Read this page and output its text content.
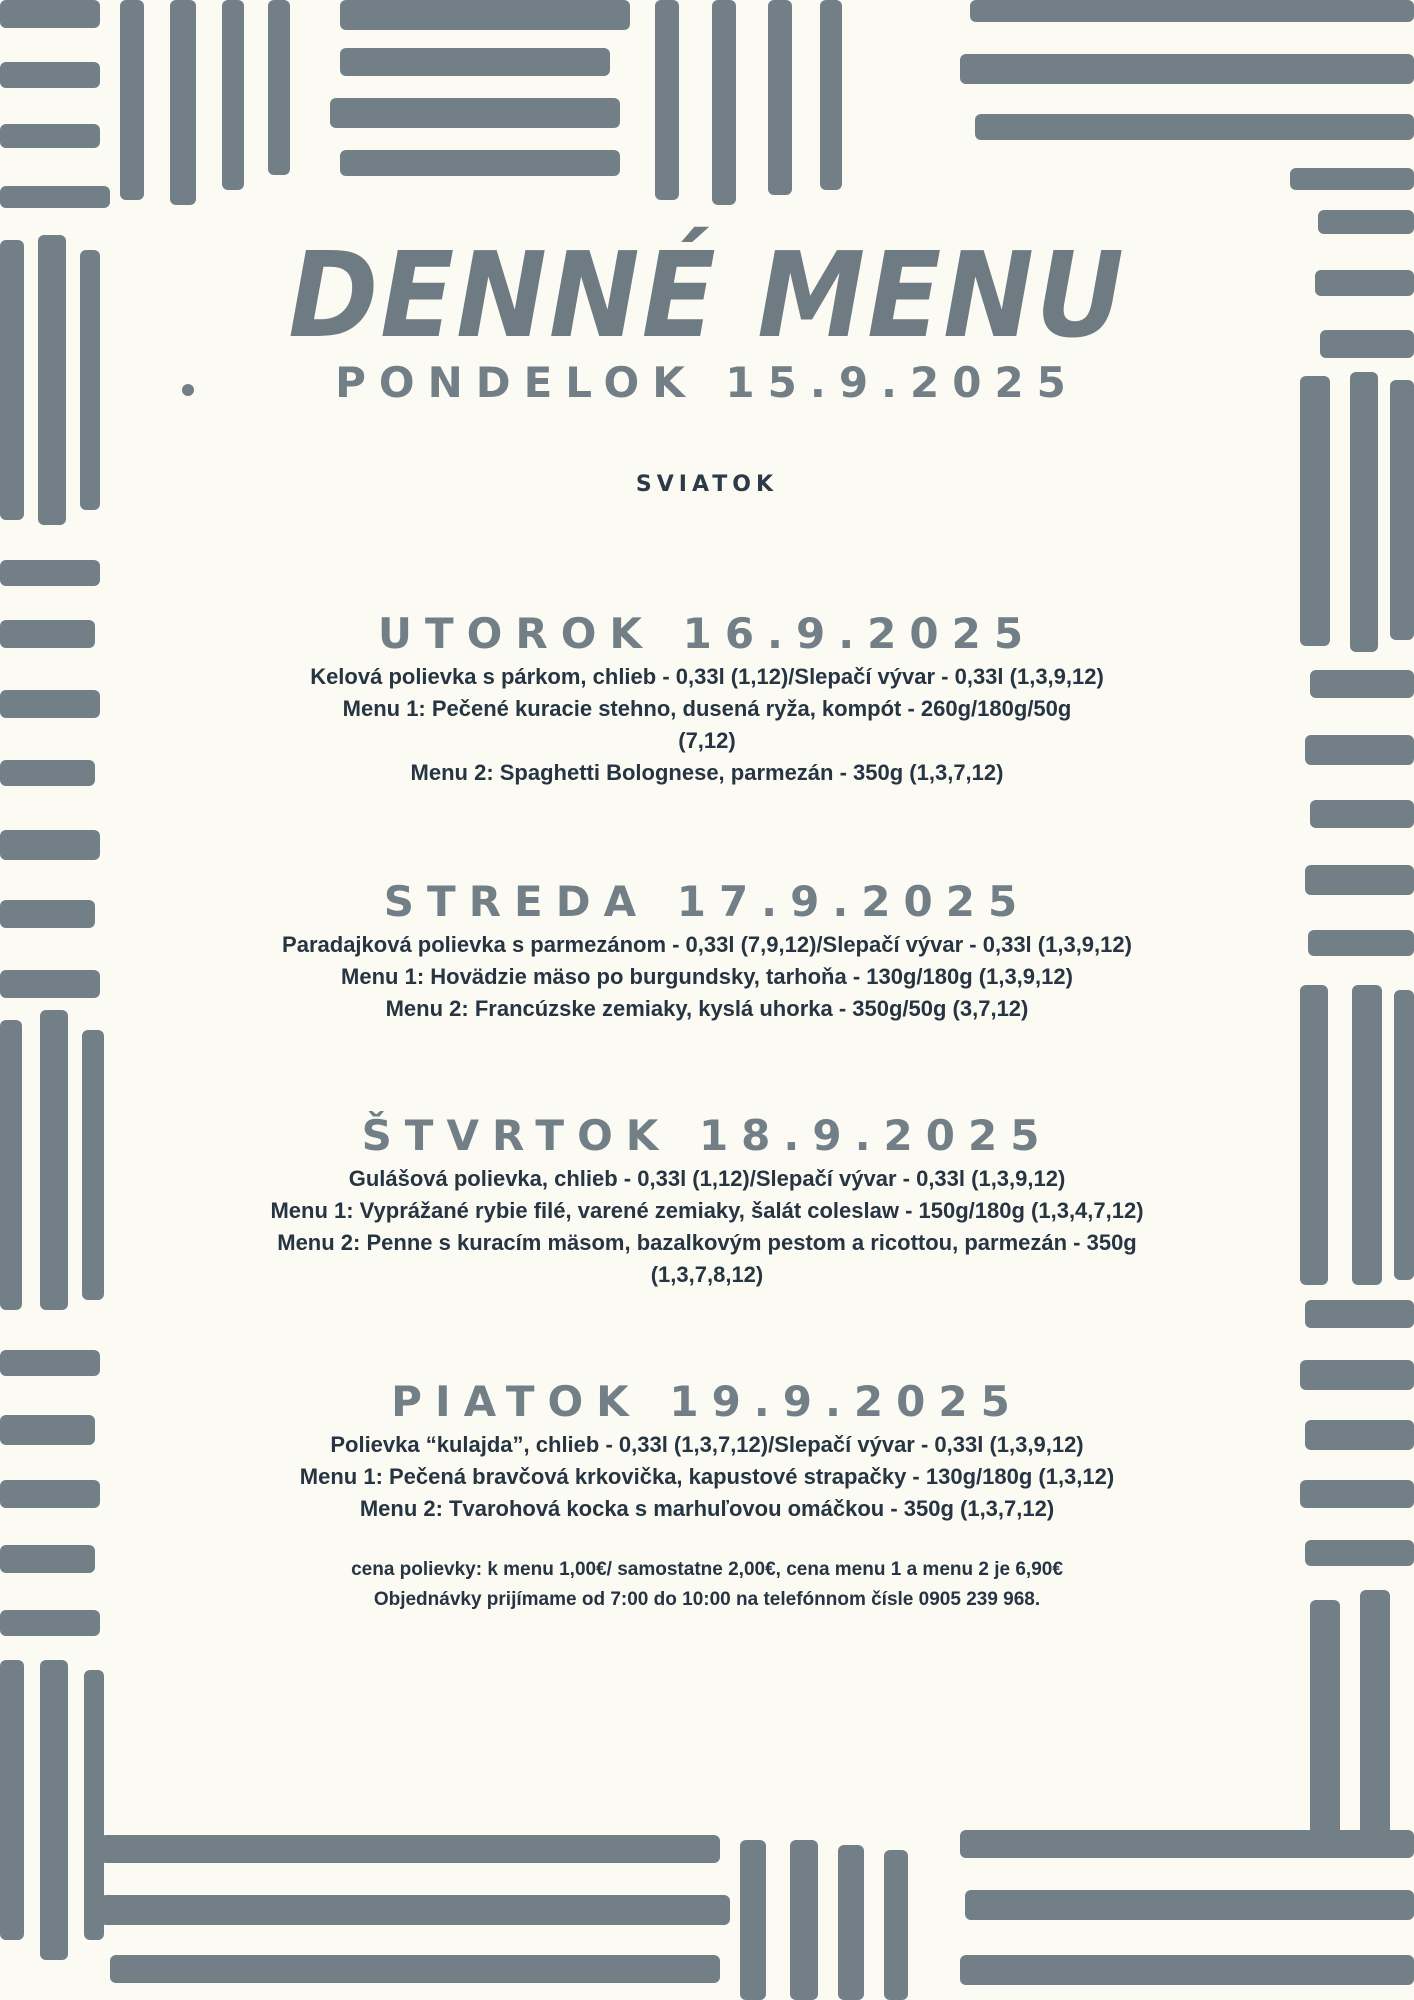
DENNÉ MENU
PONDELOK 15.9.2025
SVIATOK
UTOROK 16.9.2025
Kelová polievka s párkom, chlieb - 0,33l (1,12)/Slepačí vývar - 0,33l (1,3,9,12)
Menu 1: Pečené kuracie stehno, dusená ryža, kompót - 260g/180g/50g
(7,12)
Menu 2: Spaghetti Bolognese, parmezán - 350g (1,3,7,12)
STREDA 17.9.2025
Paradajková polievka s parmezánom - 0,33l (7,9,12)/Slepačí vývar - 0,33l (1,3,9,12)
Menu 1: Hovädzie mäso po burgundsky, tarhoňa - 130g/180g (1,3,9,12)
Menu 2: Francúzske zemiaky, kyslá uhorka - 350g/50g (3,7,12)
ŠTVRTOK 18.9.2025
Gulášová polievka, chlieb - 0,33l (1,12)/Slepačí vývar - 0,33l (1,3,9,12)
Menu 1: Vyprážané rybie filé, varené zemiaky, šalát coleslaw - 150g/180g (1,3,4,7,12)
Menu 2: Penne s kuracím mäsom, bazalkovým pestom a ricottou, parmezán - 350g
(1,3,7,8,12)
PIATOK 19.9.2025
Polievka “kulajda”, chlieb - 0,33l (1,3,7,12)/Slepačí vývar - 0,33l (1,3,9,12)
Menu 1: Pečená bravčová krkovička, kapustové strapačky - 130g/180g (1,3,12)
Menu 2: Tvarohová kocka s marhuľovou omáčkou - 350g (1,3,7,12)
cena polievky: k menu 1,00€/ samostatne 2,00€, cena menu 1 a menu 2 je 6,90€
Objednávky prijímame od 7:00 do 10:00 na telefónnom čísle 0905 239 968.
